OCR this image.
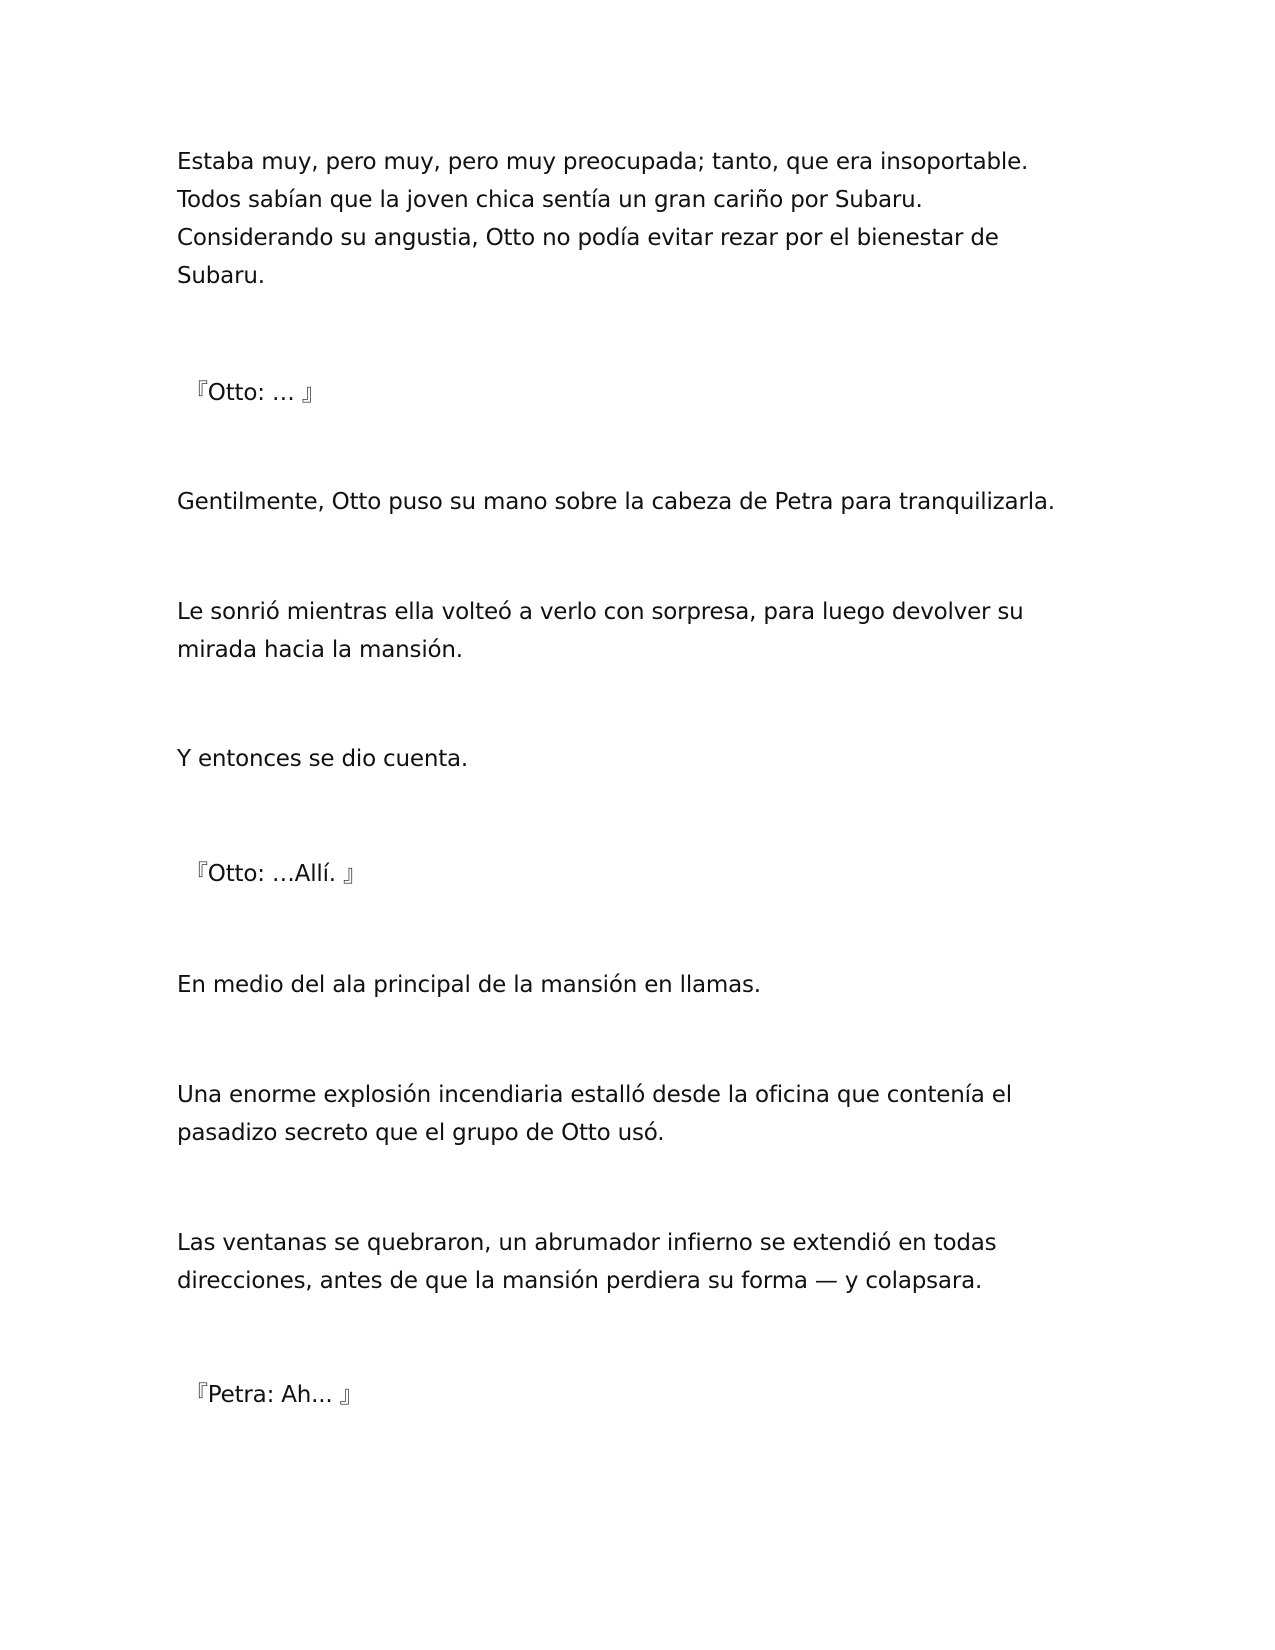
Estaba muy, pero muy, pero muy preocupada; tanto, que era insoportable.
Todos sabían que la joven chica sentía un gran cariño por Subaru.
Considerando su angustia, Otto no podía evitar rezar por el bienestar de
Subaru.

『Otto: … 』

Gentilmente, Otto puso su mano sobre la cabeza de Petra para tranquilizarla.

Le sonrió mientras ella volteó a verlo con sorpresa, para luego devolver su
mirada hacia la mansión.

Y entonces se dio cuenta.

『Otto: …Allí. 』

En medio del ala principal de la mansión en llamas.

Una enorme explosión incendiaria estalló desde la oficina que contenía el
pasadizo secreto que el grupo de Otto usó.

Las ventanas se quebraron, un abrumador infierno se extendió en todas
direcciones, antes de que la mansión perdiera su forma — y colapsara.

『Petra: Ah... 』
